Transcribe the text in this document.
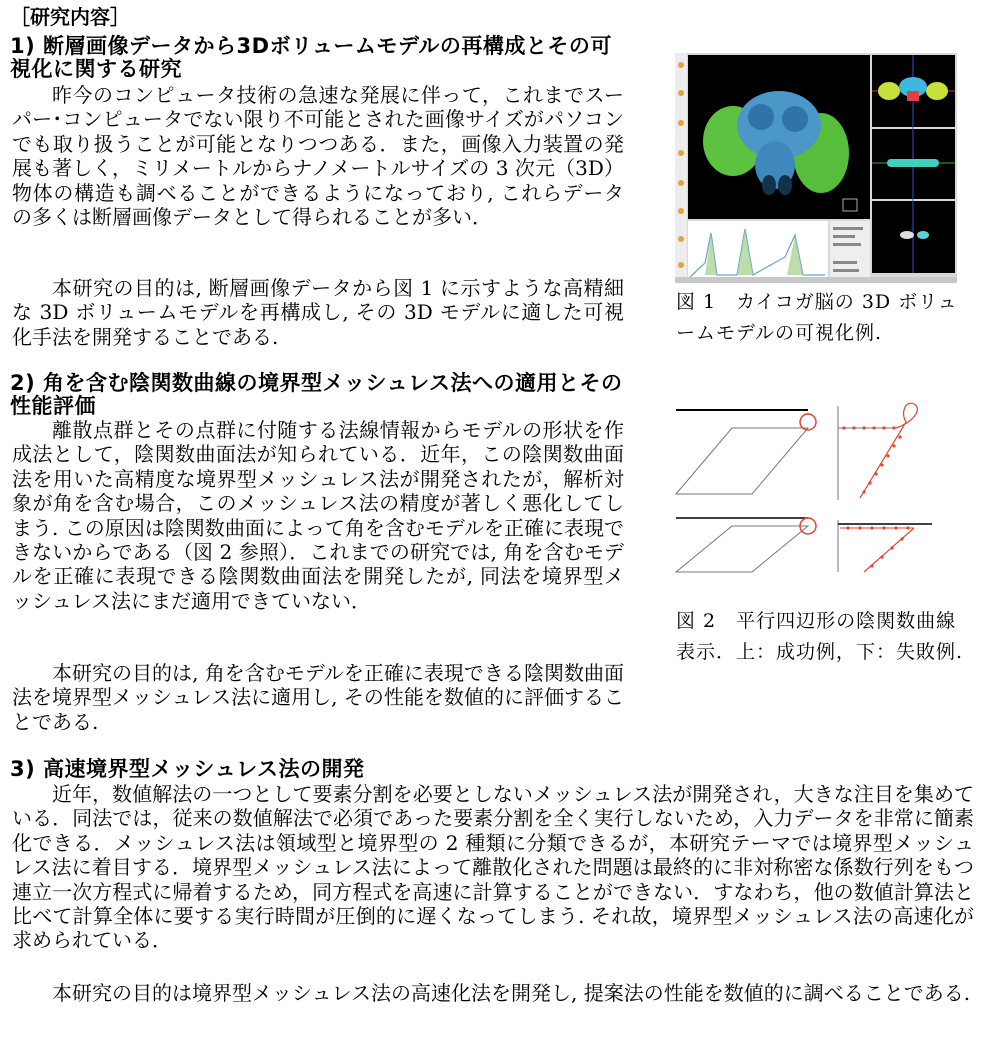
［研究内容］
1) 断層画像データから3Dボリュームモデルの再構成とその可視化に関する研究

昨今のコンピュータ技術の急速な発展に伴って，これまでスーパー･コンピュータでない限り不可能とされた画像サイズがパソコンでも取り扱うことが可能となりつつある．また，画像入力装置の発展も著しく，ミリメートルからナノメートルサイズの 3 次元（3D）物体の構造も調べることができるようになっており, これらデータの多くは断層画像データとして得られることが多い．

本研究の目的は, 断層画像データから図 1 に示すような高精細な 3D ボリュームモデルを再構成し, その 3D モデルに適した可視化手法を開発することである.

図 1　カイコガ脳の 3D ボリュームモデルの可視化例.
2) 角を含む陰関数曲線の境界型メッシュレス法への適用とその性能評価

離散点群とその点群に付随する法線情報からモデルの形状を作成法として，陰関数曲面法が知られている．近年，この陰関数曲面法を用いた高精度な境界型メッシュレス法が開発されたが，解析対象が角を含む場合，このメッシュレス法の精度が著しく悪化してしまう. この原因は陰関数曲面によって角を含むモデルを正確に表現できないからである（図 2 参照）．これまでの研究では, 角を含むモデルを正確に表現できる陰関数曲面法を開発したが, 同法を境界型メッシュレス法にまだ適用できていない．

本研究の目的は, 角を含むモデルを正確に表現できる陰関数曲面法を境界型メッシュレス法に適用し, その性能を数値的に評価することである.

図 2　平行四辺形の陰関数曲線表示．上：成功例，下：失敗例.
3) 高速境界型メッシュレス法の開発

近年，数値解法の一つとして要素分割を必要としないメッシュレス法が開発され，大きな注目を集めている．同法では，従来の数値解法で必須であった要素分割を全く実行しないため，入力データを非常に簡素化できる．メッシュレス法は領域型と境界型の 2 種類に分類できるが，本研究テーマでは境界型メッシュレス法に着目する．境界型メッシュレス法によって離散化された問題は最終的に非対称密な係数行列をもつ連立一次方程式に帰着するため，同方程式を高速に計算することができない．すなわち，他の数値計算法と比べて計算全体に要する実行時間が圧倒的に遅くなってしまう. それ故，境界型メッシュレス法の高速化が求められている．

本研究の目的は境界型メッシュレス法の高速化法を開発し, 提案法の性能を数値的に調べることである.
